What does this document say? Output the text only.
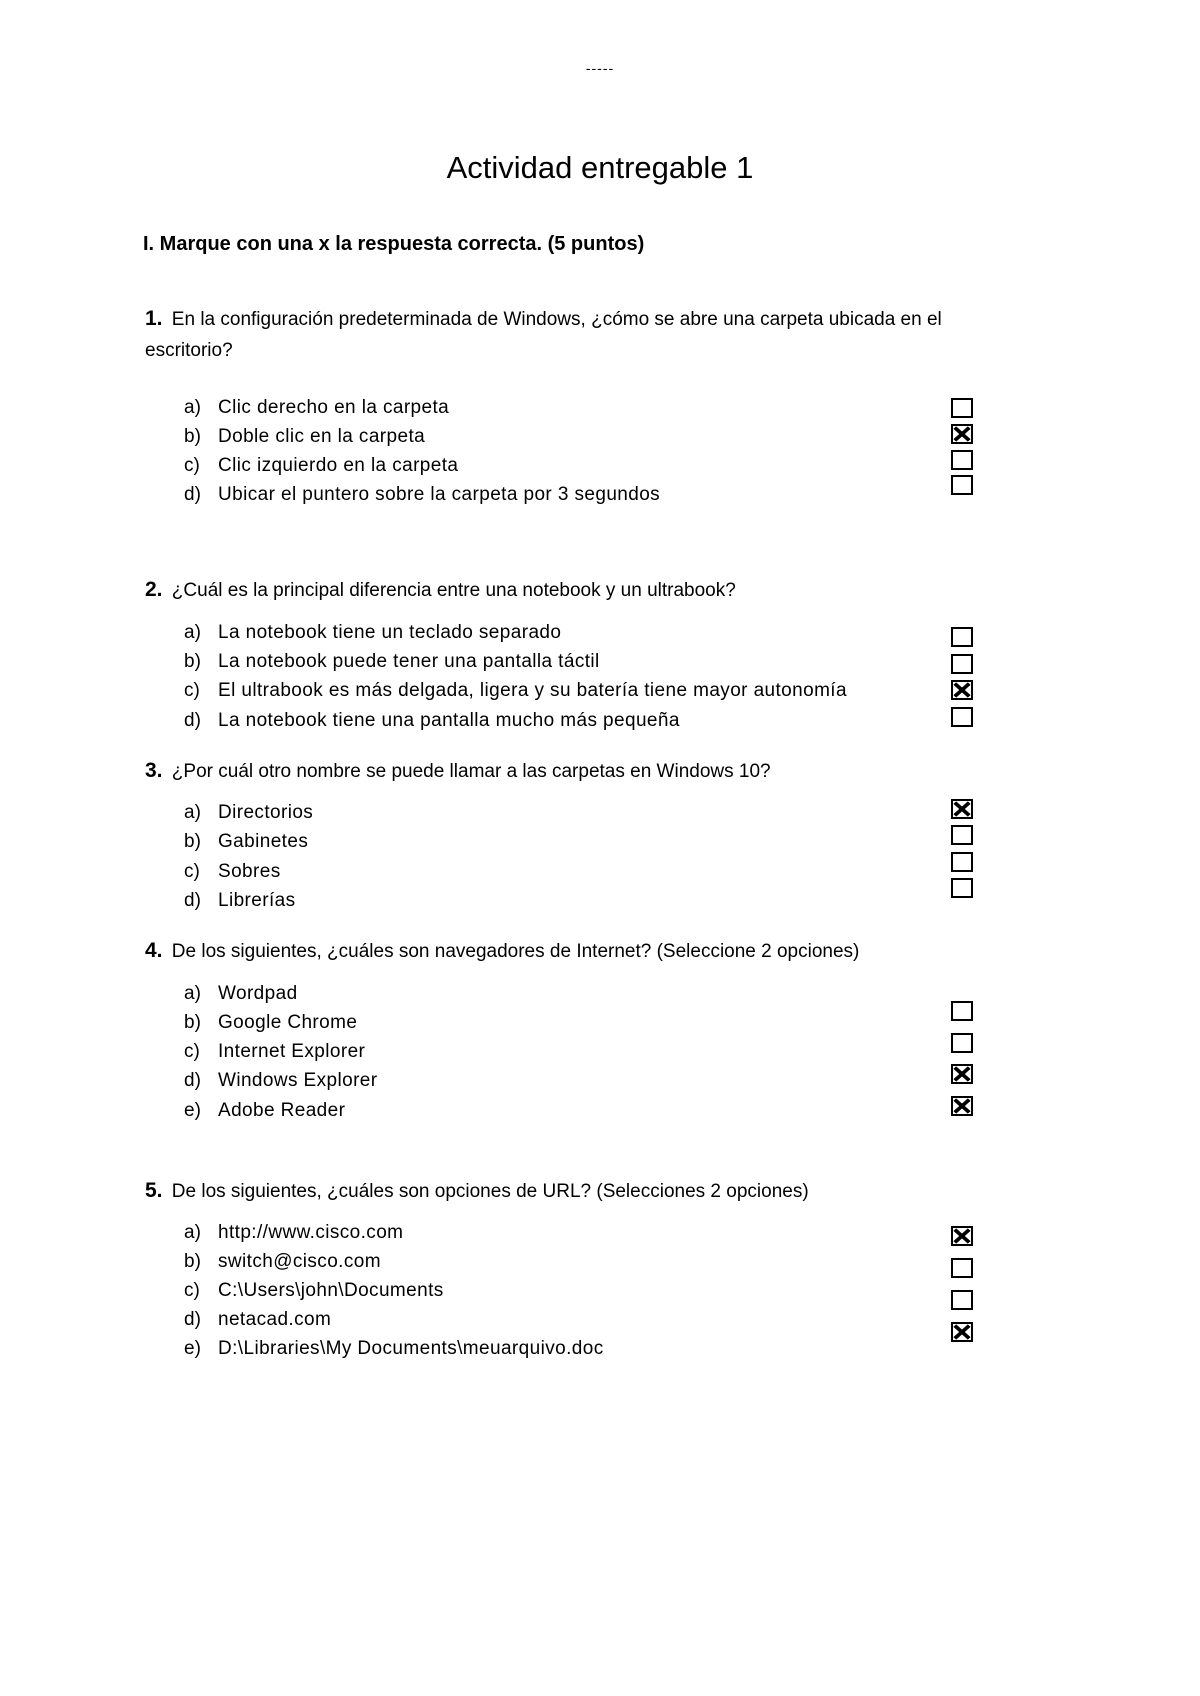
-----
Actividad entregable 1

I. Marque con una x la respuesta correcta. (5 puntos)

1. En la configuración predeterminada de Windows, ¿cómo se abre una carpeta ubicada en el escritorio?
a) Clic derecho en la carpeta
b) Doble clic en la carpeta
c) Clic izquierdo en la carpeta
d) Ubicar el puntero sobre la carpeta por 3 segundos
2. ¿Cuál es la principal diferencia entre una notebook y un ultrabook?
a) La notebook tiene un teclado separado
b) La notebook puede tener una pantalla táctil
c) El ultrabook es más delgada, ligera y su batería tiene mayor autonomía
d) La notebook tiene una pantalla mucho más pequeña
3. ¿Por cuál otro nombre se puede llamar a las carpetas en Windows 10?
a) Directorios
b) Gabinetes
c) Sobres
d) Librerías
4. De los siguientes, ¿cuáles son navegadores de Internet? (Seleccione 2 opciones)
a) Wordpad
b) Google Chrome
c) Internet Explorer
d) Windows Explorer
e) Adobe Reader
5. De los siguientes, ¿cuáles son opciones de URL? (Selecciones 2 opciones)
a) http://www.cisco.com
b) switch@cisco.com
c) C:\Users\john\Documents
d) netacad.com
e) D:\Libraries\My Documents\meuarquivo.doc
